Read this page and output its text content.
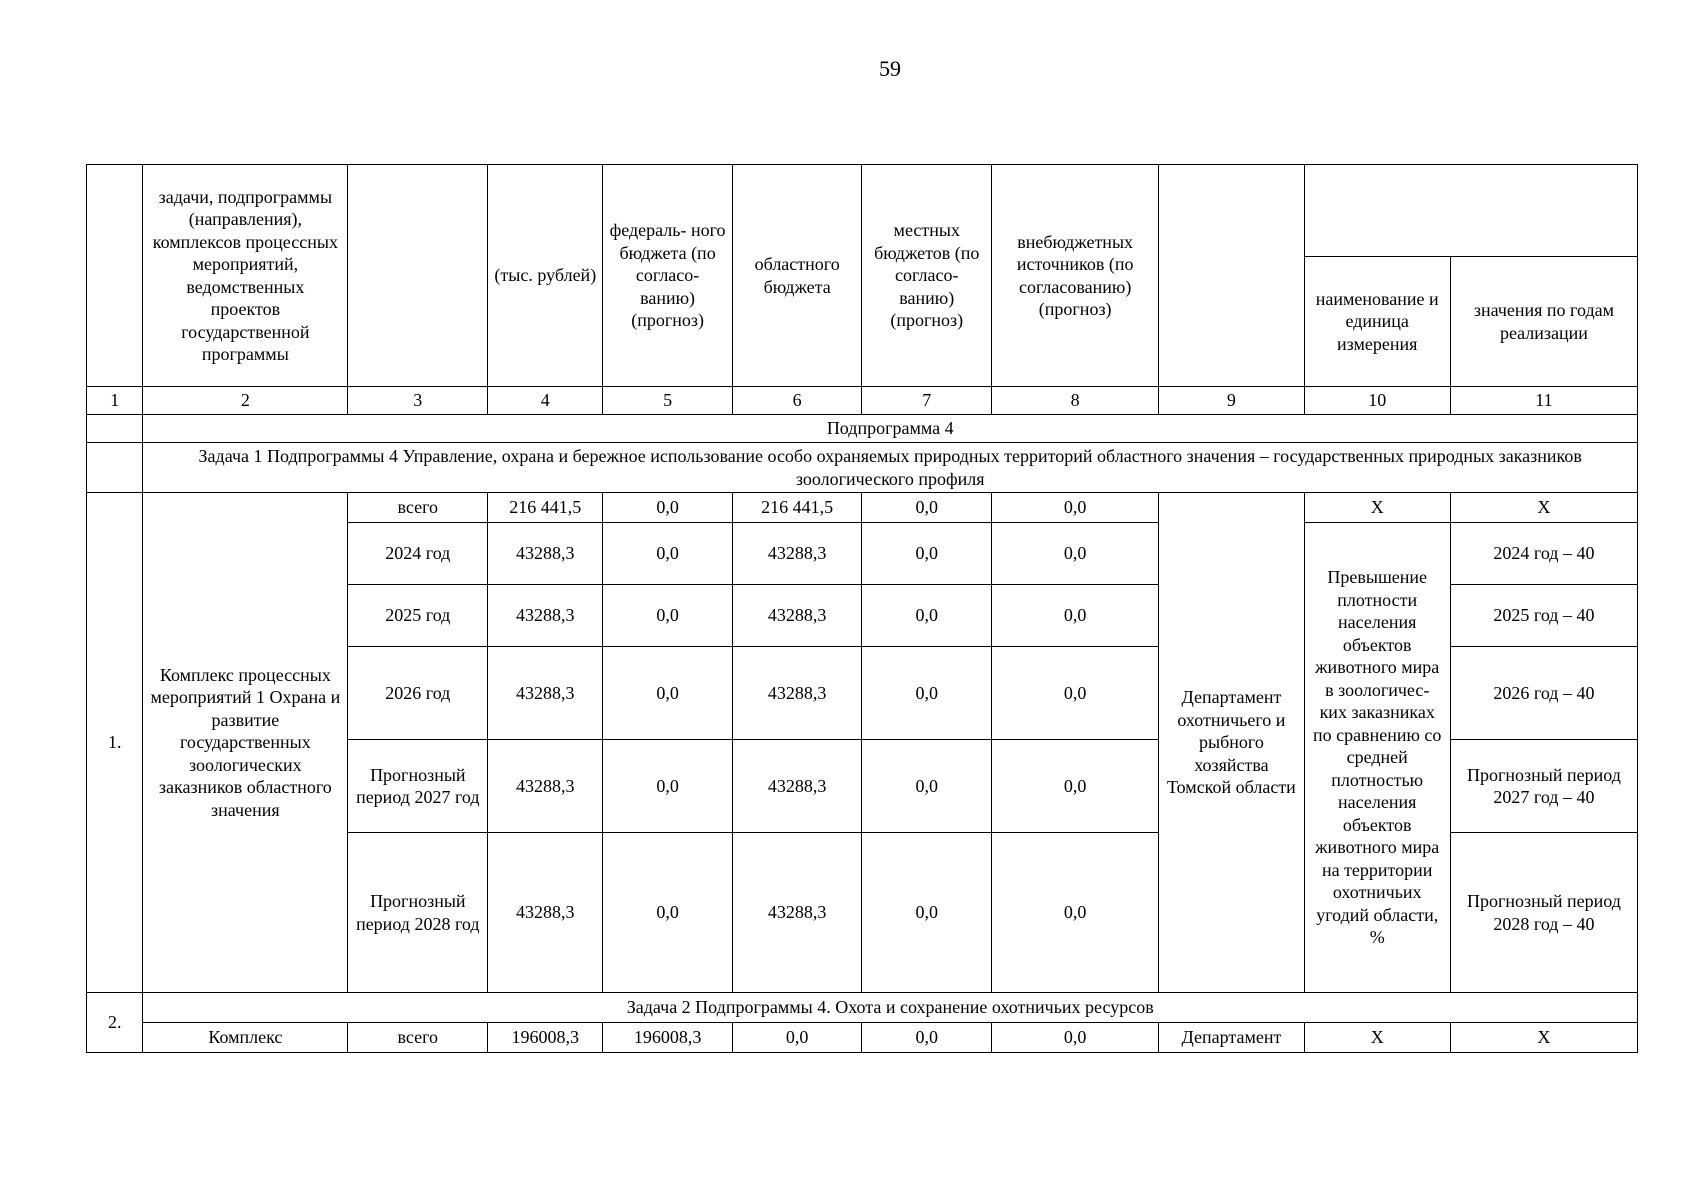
59
	задачи, подпрограммы (направления), комплексов процессных мероприятий, ведомственных проектов государственной программы		(тыс. рублей)	федераль- ного бюджета (по согласо- ванию) (прогноз)	областного бюджета	местных бюджетов (по согласо- ванию) (прогноз)	внебюджетных источников (по согласованию) (прогноз)			
									наименование и единица измерения	значения по годам реализации
1	2	3	4	5	6	7	8	9	10	11
	Подпрограмма 4									
	Задача 1 Подпрограммы 4 Управление, охрана и бережное использование особо охраняемых природных территорий областного значения – государственных природных заказников зоологического профиля									
1.	Комплекс процессных мероприятий 1 Охрана и развитие государственных зоологических заказников областного значения	всего	216 441,5	0,0	216 441,5	0,0	0,0	Департамент охотничьего и рыбного хозяйства Томской области	Х	Х
		2024 год	43288,3	0,0	43288,3	0,0	0,0		Превышение плотности населения объектов животного мира в зоологичес- ких заказниках по сравнению со средней плотностью населения объектов животного мира на территории охотничьих угодий области, %	2024 год – 40
		2025 год	43288,3	0,0	43288,3	0,0	0,0			2025 год – 40
		2026 год	43288,3	0,0	43288,3	0,0	0,0			2026 год – 40
		Прогнозный период 2027 год	43288,3	0,0	43288,3	0,0	0,0			Прогнозный период 2027 год – 40
		Прогнозный период 2028 год	43288,3	0,0	43288,3	0,0	0,0			Прогнозный период 2028 год – 40
2.	Задача 2 Подпрограммы 4. Охота и сохранение охотничьих ресурсов									
	Комплекс	всего	196008,3	196008,3	0,0	0,0	0,0	Департамент	Х	Х
